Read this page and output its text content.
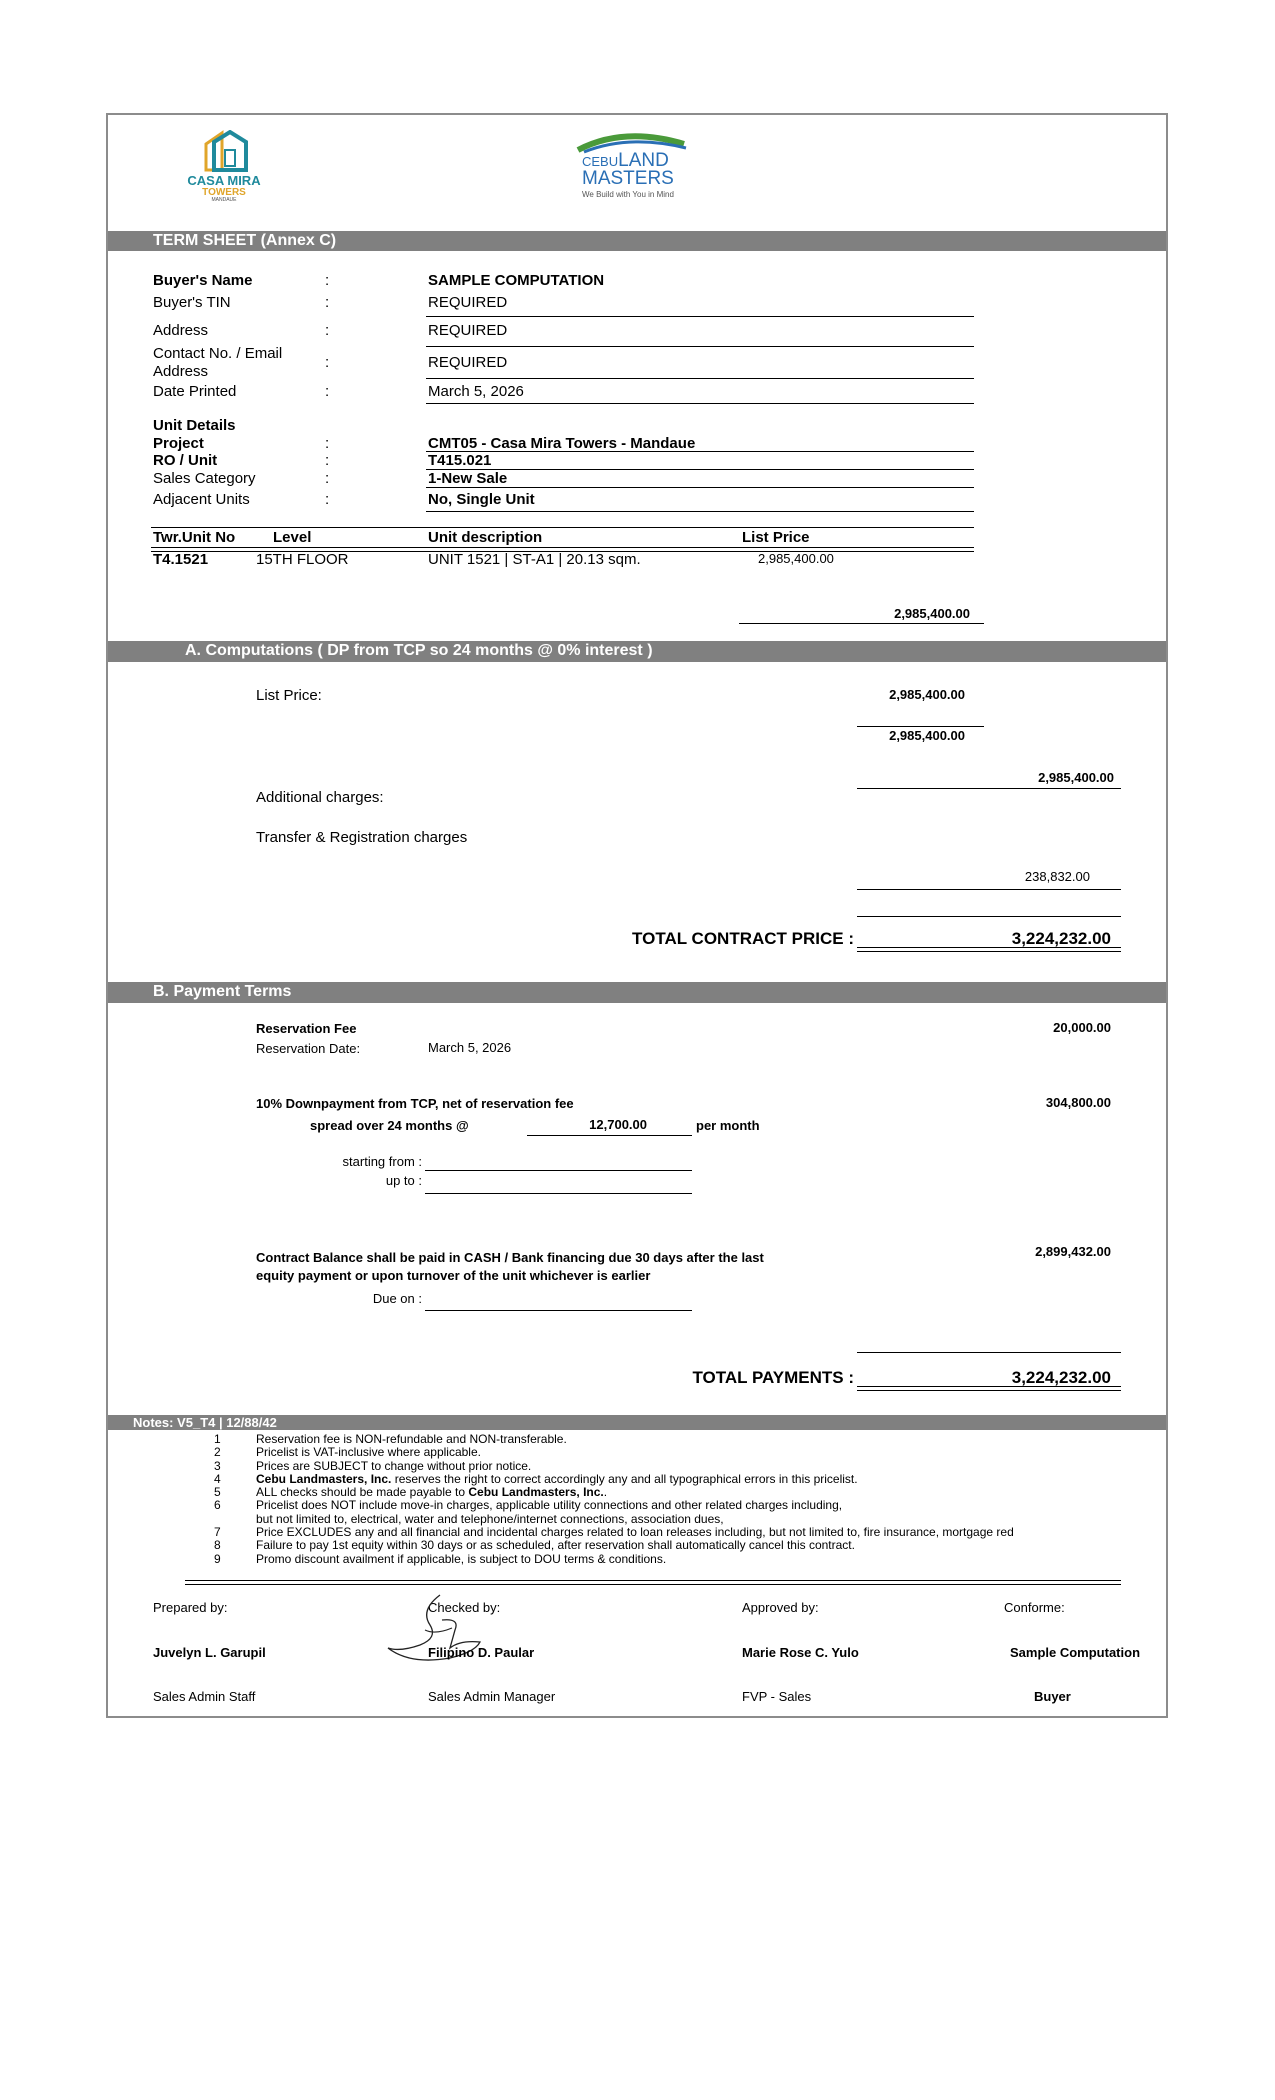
CASA MIRA
TOWERS
MANDAUE
CEBULAND
MASTERS
We Build with You in Mind
TERM SHEET (Annex C)
Buyer's Name	:	SAMPLE COMPUTATION
Buyer's TIN	:	REQUIRED
Address	:	REQUIRED
Contact No. / Email
Address
:	REQUIRED
Date Printed	:	March 5, 2026
Unit Details
Project	:	CMT05 - Casa Mira Towers - Mandaue
RO / Unit	:	T415.021
Sales Category	:	1-New Sale
Adjacent Units	:	No, Single Unit
Twr.Unit No	Level	Unit description	List Price
T4.1521	15TH FLOOR	UNIT 1521 | ST-A1 | 20.13 sqm.	2,985,400.00
2,985,400.00
A. Computations ( DP from TCP so 24 months @ 0% interest )
List Price:	2,985,400.00
2,985,400.00
2,985,400.00
Additional charges:
Transfer & Registration charges
238,832.00
TOTAL CONTRACT PRICE :	3,224,232.00
B. Payment Terms
Reservation Fee	20,000.00
Reservation Date:	March 5, 2026
10% Downpayment from TCP, net of reservation fee	304,800.00
spread over 24 months @	12,700.00	per month
starting from :
up to :
Contract Balance shall be paid in CASH / Bank financing due 30 days after the last
equity payment or upon turnover of the unit whichever is earlier
2,899,432.00
Due on :
TOTAL PAYMENTS :	3,224,232.00
Notes: V5_T4 | 12/88/42
1	Reservation fee is NON-refundable and NON-transferable.
2	Pricelist is VAT-inclusive where applicable.
3	Prices are SUBJECT to change without prior notice.
4	Cebu Landmasters, Inc. reserves the right to correct accordingly any and all typographical errors in this pricelist.
5	ALL checks should be made payable to Cebu Landmasters, Inc..
6	Pricelist does NOT include move-in charges, applicable utility connections and other related charges including,
but not limited to, electrical, water and telephone/internet connections, association dues,
7	Price EXCLUDES any and all financial and incidental charges related to loan releases including, but not limited to, fire insurance, mortgage red
8	Failure to pay 1st equity within 30 days or as scheduled, after reservation shall automatically cancel this contract.
9	Promo discount availment if applicable, is subject to DOU terms & conditions.
Prepared by:	Checked by:	Approved by:	Conforme:
Juvelyn L. Garupil	Filipino D. Paular	Marie Rose C. Yulo	Sample Computation
Sales Admin Staff	Sales Admin Manager	FVP - Sales	Buyer
